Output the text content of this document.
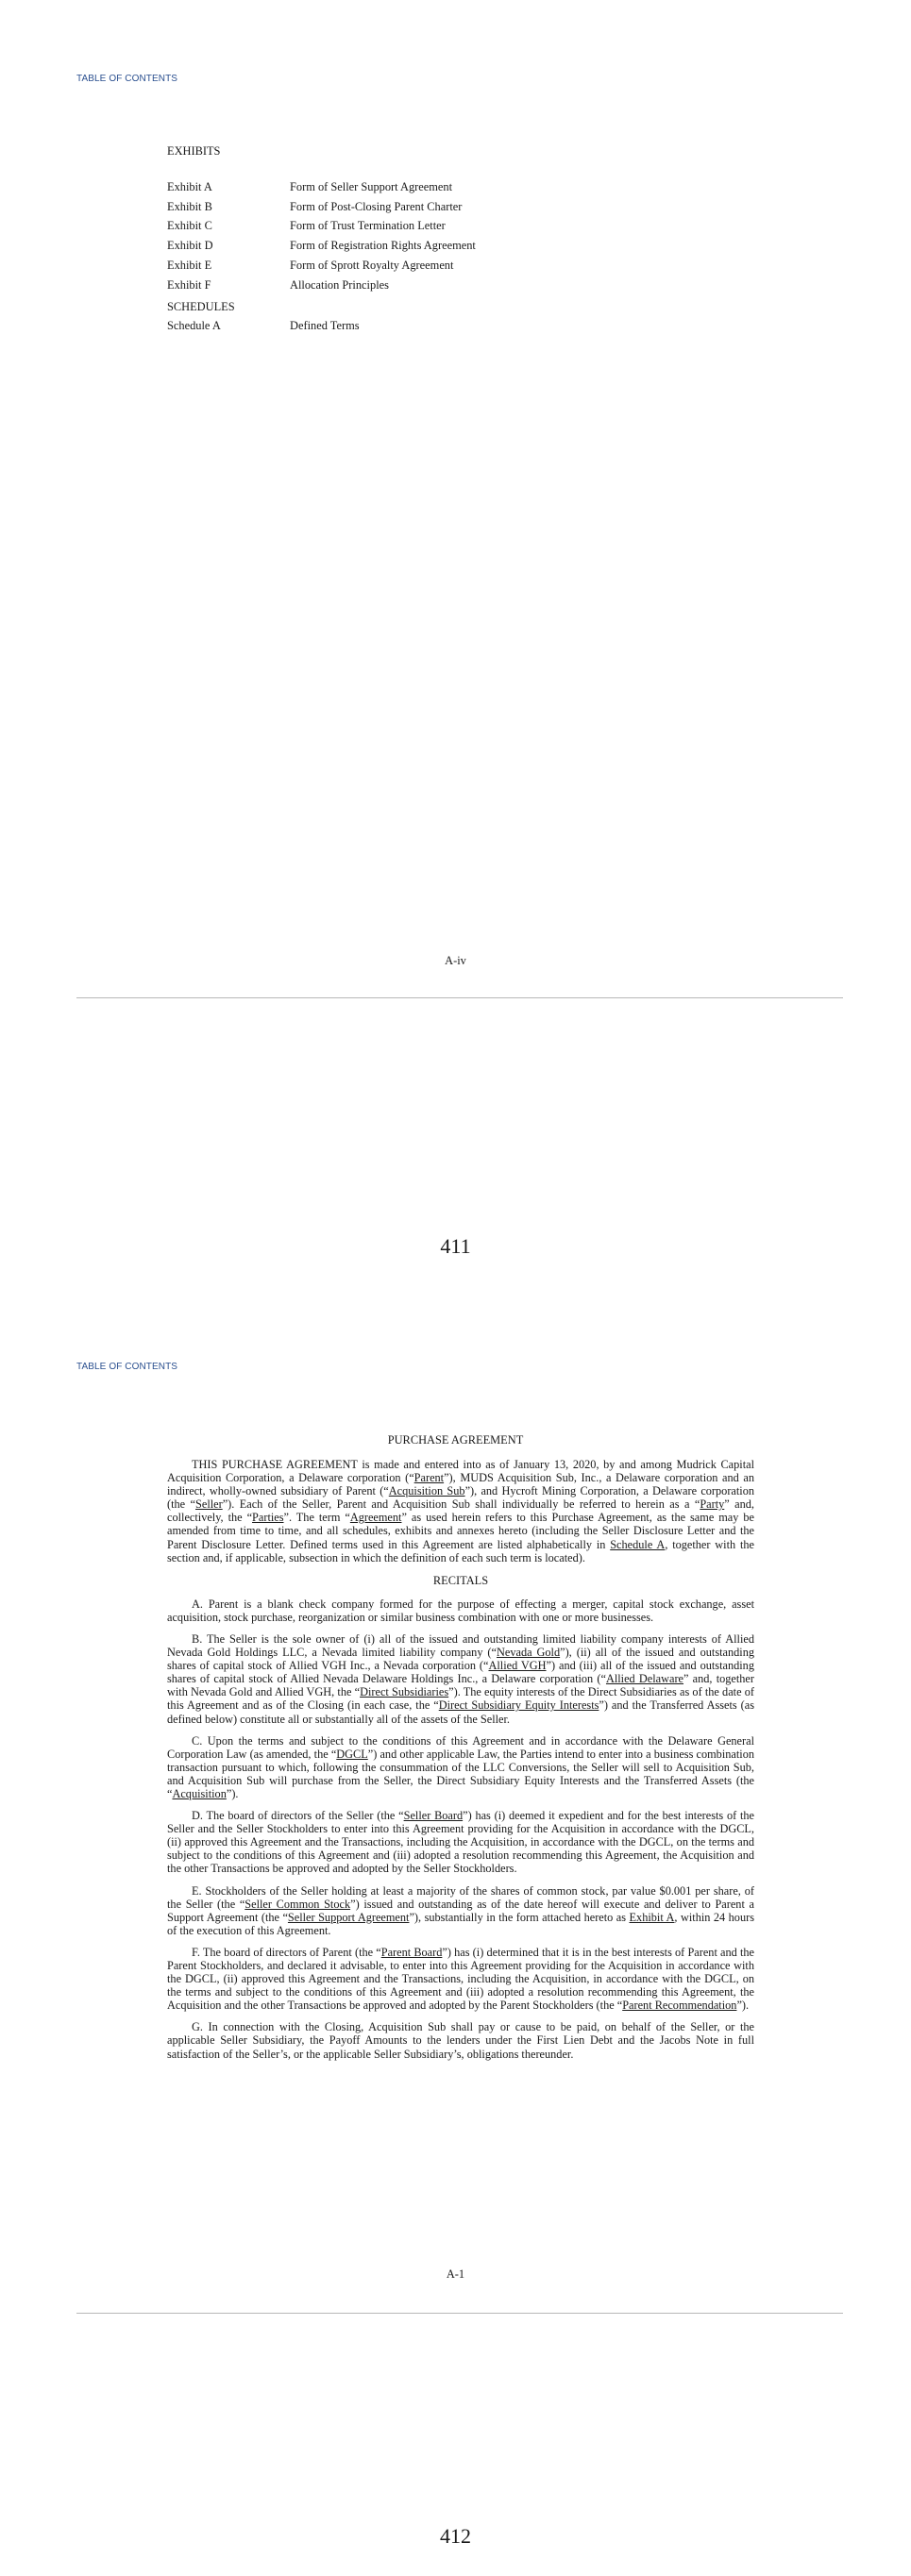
TABLE OF CONTENTS
EXHIBITS
Exhibit A	Form of Seller Support Agreement
Exhibit B	Form of Post-Closing Parent Charter
Exhibit C	Form of Trust Termination Letter
Exhibit D	Form of Registration Rights Agreement
Exhibit E	Form of Sprott Royalty Agreement
Exhibit F	Allocation Principles
SCHEDULES
Schedule A	Defined Terms
A-iv
411
TABLE OF CONTENTS
PURCHASE AGREEMENT

THIS PURCHASE AGREEMENT is made and entered into as of January 13, 2020, by and among Mudrick Capital Acquisition Corporation, a Delaware corporation (“Parent”), MUDS Acquisition Sub, Inc., a Delaware corporation and an indirect, wholly-owned subsidiary of Parent (“Acquisition Sub”), and Hycroft Mining Corporation, a Delaware corporation (the “Seller”). Each of the Seller, Parent and Acquisition Sub shall individually be referred to herein as a “Party” and, collectively, the “Parties”. The term “Agreement” as used herein refers to this Purchase Agreement, as the same may be amended from time to time, and all schedules, exhibits and annexes hereto (including the Seller Disclosure Letter and the Parent Disclosure Letter. Defined terms used in this Agreement are listed alphabetically in Schedule A, together with the section and, if applicable, subsection in which the definition of each such term is located).

RECITALS

A. Parent is a blank check company formed for the purpose of effecting a merger, capital stock exchange, asset acquisition, stock purchase, reorganization or similar business combination with one or more businesses.

B. The Seller is the sole owner of (i) all of the issued and outstanding limited liability company interests of Allied Nevada Gold Holdings LLC, a Nevada limited liability company (“Nevada Gold”), (ii) all of the issued and outstanding shares of capital stock of Allied VGH Inc., a Nevada corporation (“Allied VGH”) and (iii) all of the issued and outstanding shares of capital stock of Allied Nevada Delaware Holdings Inc., a Delaware corporation (“Allied Delaware” and, together with Nevada Gold and Allied VGH, the “Direct Subsidiaries”). The equity interests of the Direct Subsidiaries as of the date of this Agreement and as of the Closing (in each case, the “Direct Subsidiary Equity Interests”) and the Transferred Assets (as defined below) constitute all or substantially all of the assets of the Seller.

C. Upon the terms and subject to the conditions of this Agreement and in accordance with the Delaware General Corporation Law (as amended, the “DGCL”) and other applicable Law, the Parties intend to enter into a business combination transaction pursuant to which, following the consummation of the LLC Conversions, the Seller will sell to Acquisition Sub, and Acquisition Sub will purchase from the Seller, the Direct Subsidiary Equity Interests and the Transferred Assets (the “Acquisition”).

D. The board of directors of the Seller (the “Seller Board”) has (i) deemed it expedient and for the best interests of the Seller and the Seller Stockholders to enter into this Agreement providing for the Acquisition in accordance with the DGCL, (ii) approved this Agreement and the Transactions, including the Acquisition, in accordance with the DGCL, on the terms and subject to the conditions of this Agreement and (iii) adopted a resolution recommending this Agreement, the Acquisition and the other Transactions be approved and adopted by the Seller Stockholders.

E. Stockholders of the Seller holding at least a majority of the shares of common stock, par value $0.001 per share, of the Seller (the “Seller Common Stock”) issued and outstanding as of the date hereof will execute and deliver to Parent a Support Agreement (the “Seller Support Agreement”), substantially in the form attached hereto as Exhibit A, within 24 hours of the execution of this Agreement.

F. The board of directors of Parent (the “Parent Board”) has (i) determined that it is in the best interests of Parent and the Parent Stockholders, and declared it advisable, to enter into this Agreement providing for the Acquisition in accordance with the DGCL, (ii) approved this Agreement and the Transactions, including the Acquisition, in accordance with the DGCL, on the terms and subject to the conditions of this Agreement and (iii) adopted a resolution recommending this Agreement, the Acquisition and the other Transactions be approved and adopted by the Parent Stockholders (the “Parent Recommendation”).

G. In connection with the Closing, Acquisition Sub shall pay or cause to be paid, on behalf of the Seller, or the applicable Seller Subsidiary, the Payoff Amounts to the lenders under the First Lien Debt and the Jacobs Note in full satisfaction of the Seller’s, or the applicable Seller Subsidiary’s, obligations thereunder.

A-1
412
